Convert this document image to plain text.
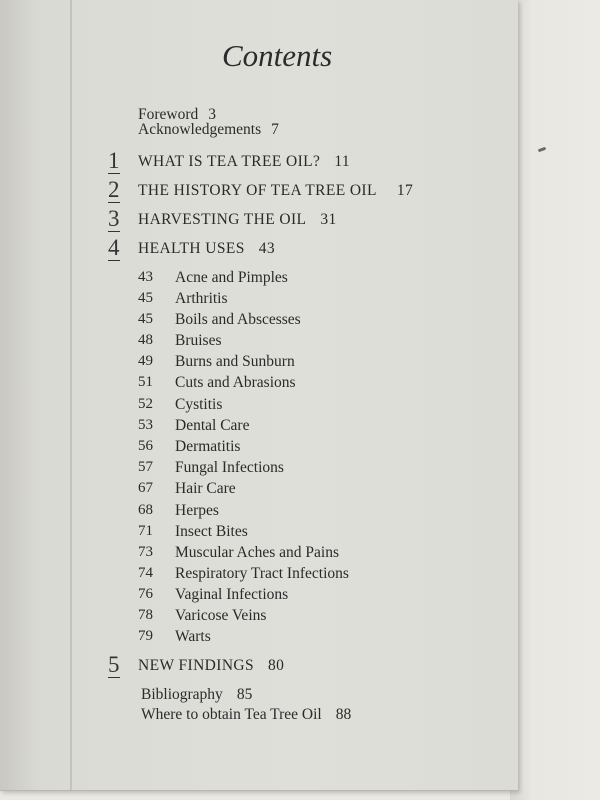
Contents
Foreword 3
Acknowledgements 7
1 WHAT IS TEA TREE OIL? 11
2 THE HISTORY OF TEA TREE OIL 17
3 HARVESTING THE OIL 31
4 HEALTH USES 43
43	Acne and Pimples
45	Arthritis
45	Boils and Abscesses
48	Bruises
49	Burns and Sunburn
51	Cuts and Abrasions
52	Cystitis
53	Dental Care
56	Dermatitis
57	Fungal Infections
67	Hair Care
68	Herpes
71	Insect Bites
73	Muscular Aches and Pains
74	Respiratory Tract Infections
76	Vaginal Infections
78	Varicose Veins
79	Warts
5 NEW FINDINGS 80
Bibliography 85
Where to obtain Tea Tree Oil 88
